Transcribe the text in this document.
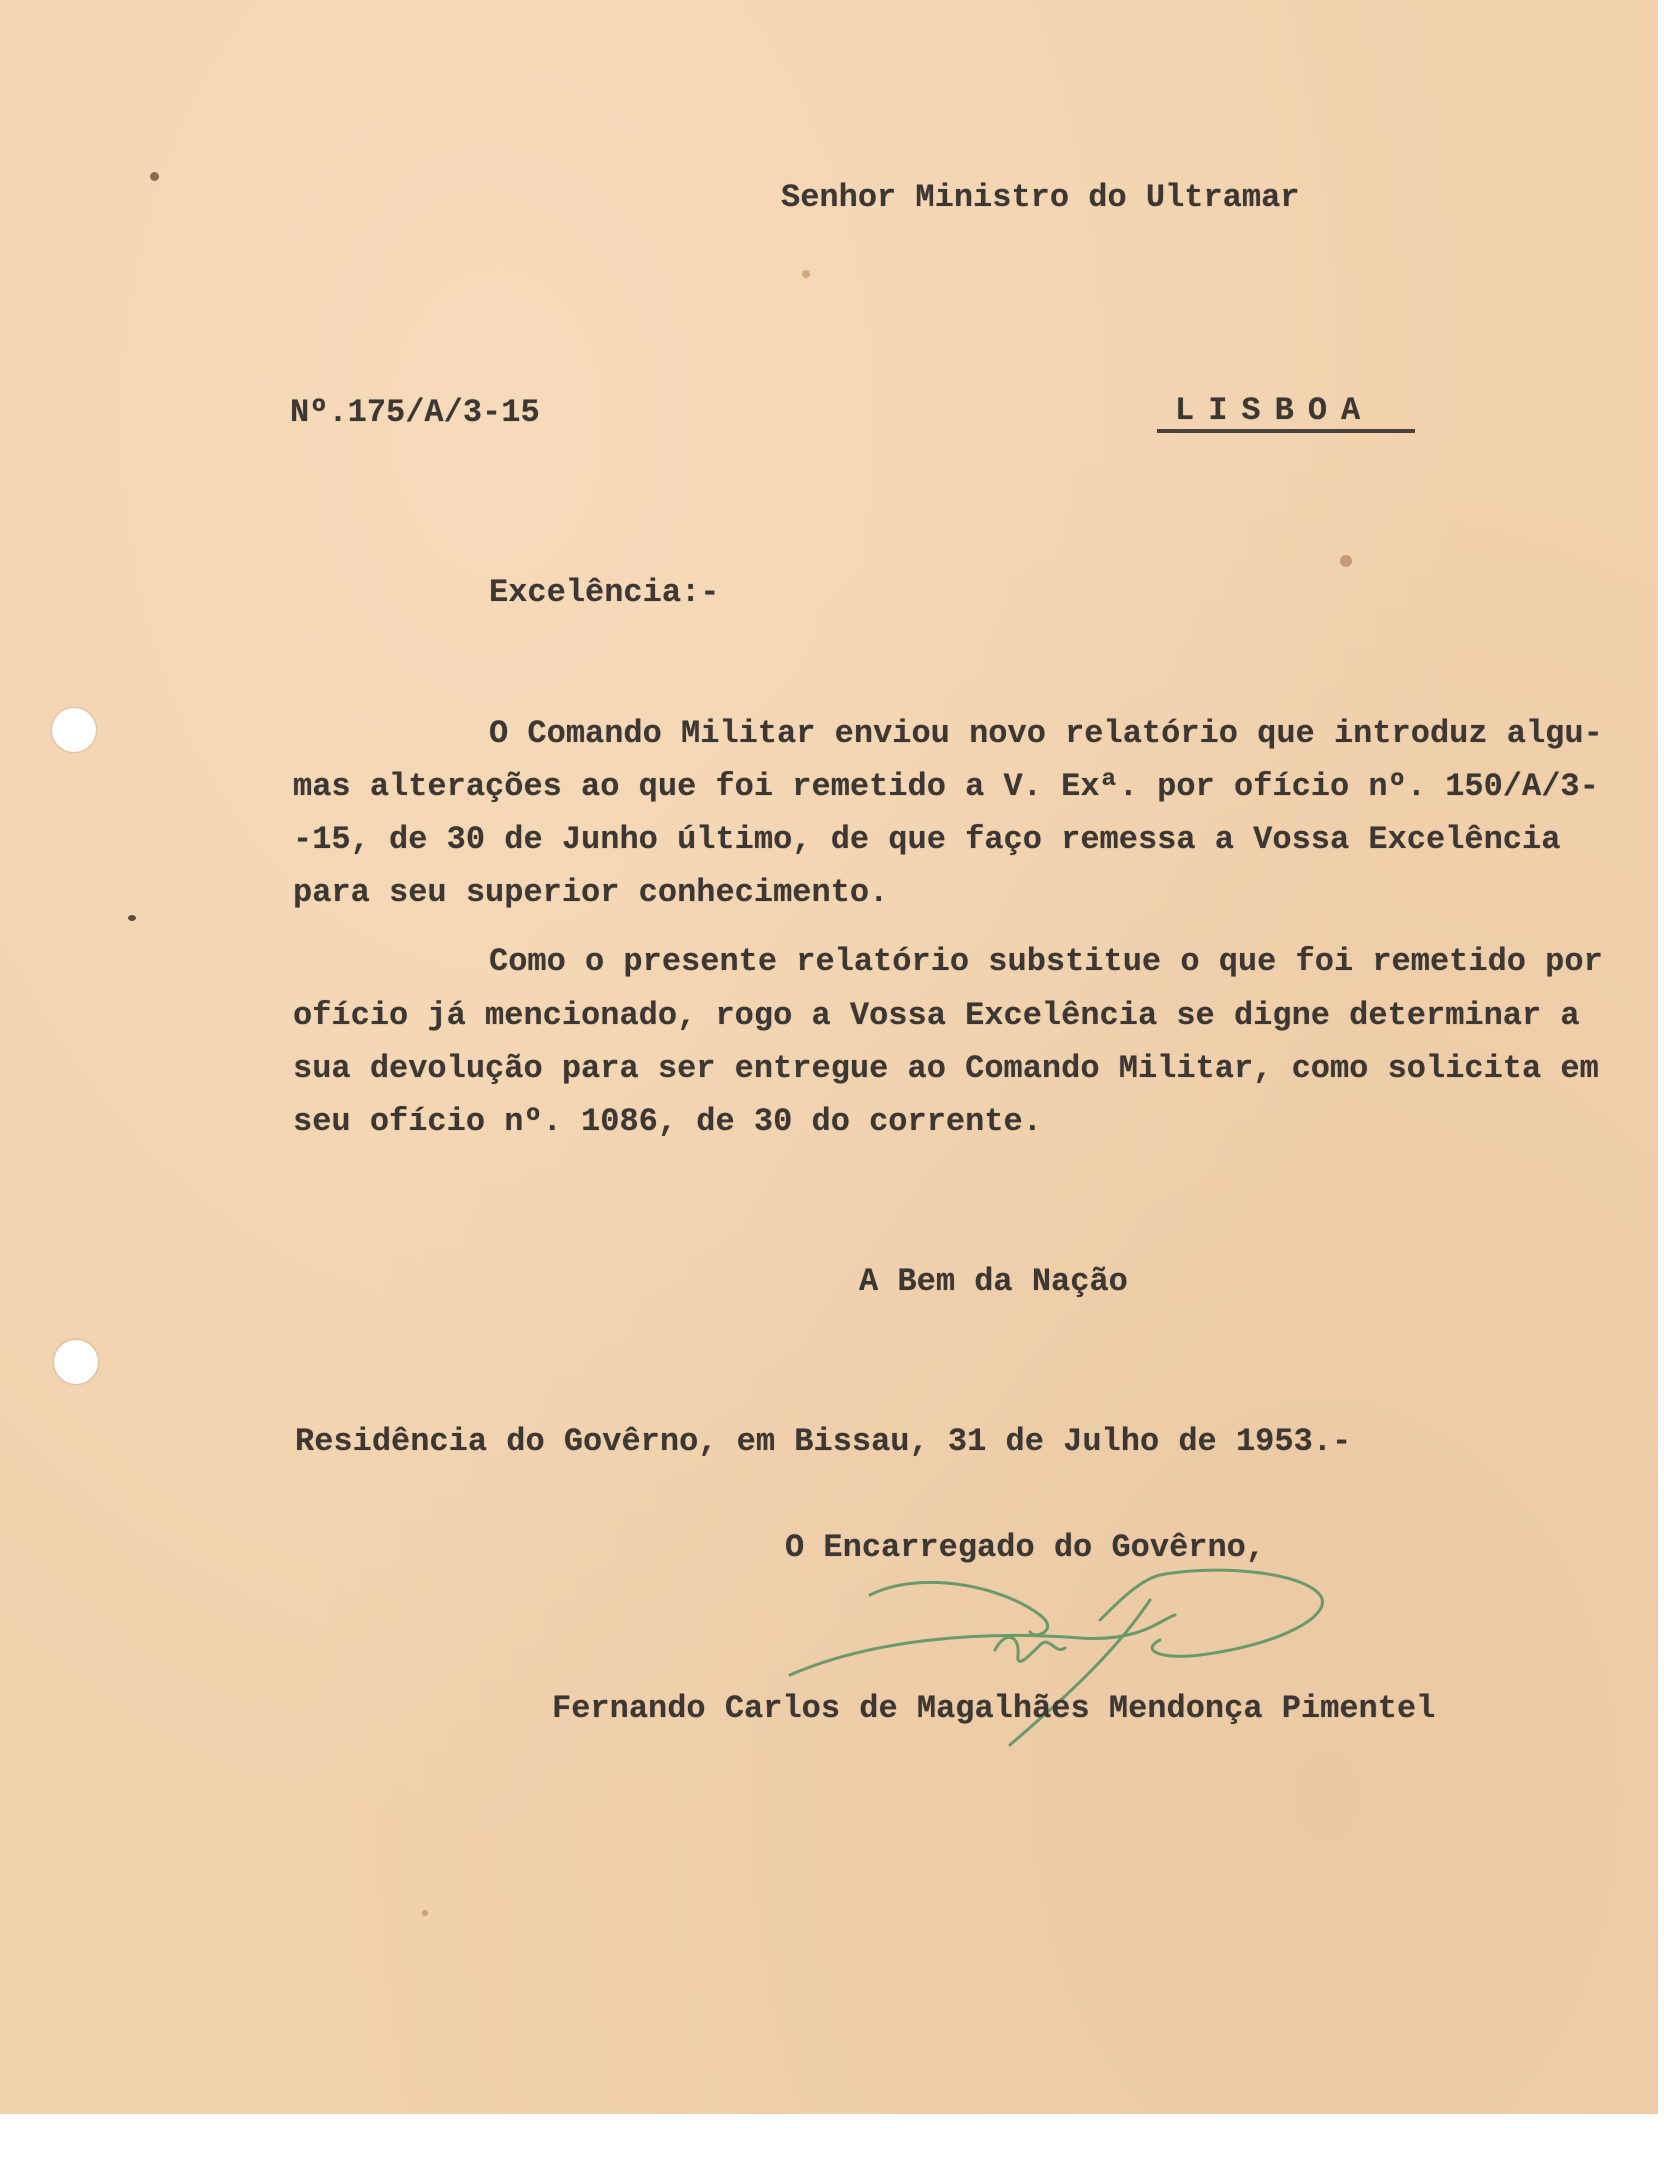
Senhor Ministro do Ultramar
Nº.175/A/3-15	LISBOA
Excelência:-
O Comando Militar enviou novo relatório que introduz algu-
mas alterações ao que foi remetido a V. Exª. por ofício nº. 150/A/3-
-15, de 30 de Junho último, de que faço remessa a Vossa Excelência
para seu superior conhecimento.
Como o presente relatório substitue o que foi remetido por
ofício já mencionado, rogo a Vossa Excelência se digne determinar a
sua devolução para ser entregue ao Comando Militar, como solicita em
seu ofício nº. 1086, de 30 do corrente.
A Bem da Nação
Residência do Govêrno, em Bissau, 31 de Julho de 1953.-
O Encarregado do Govêrno,
Fernando Carlos de Magalhães Mendonça Pimentel
